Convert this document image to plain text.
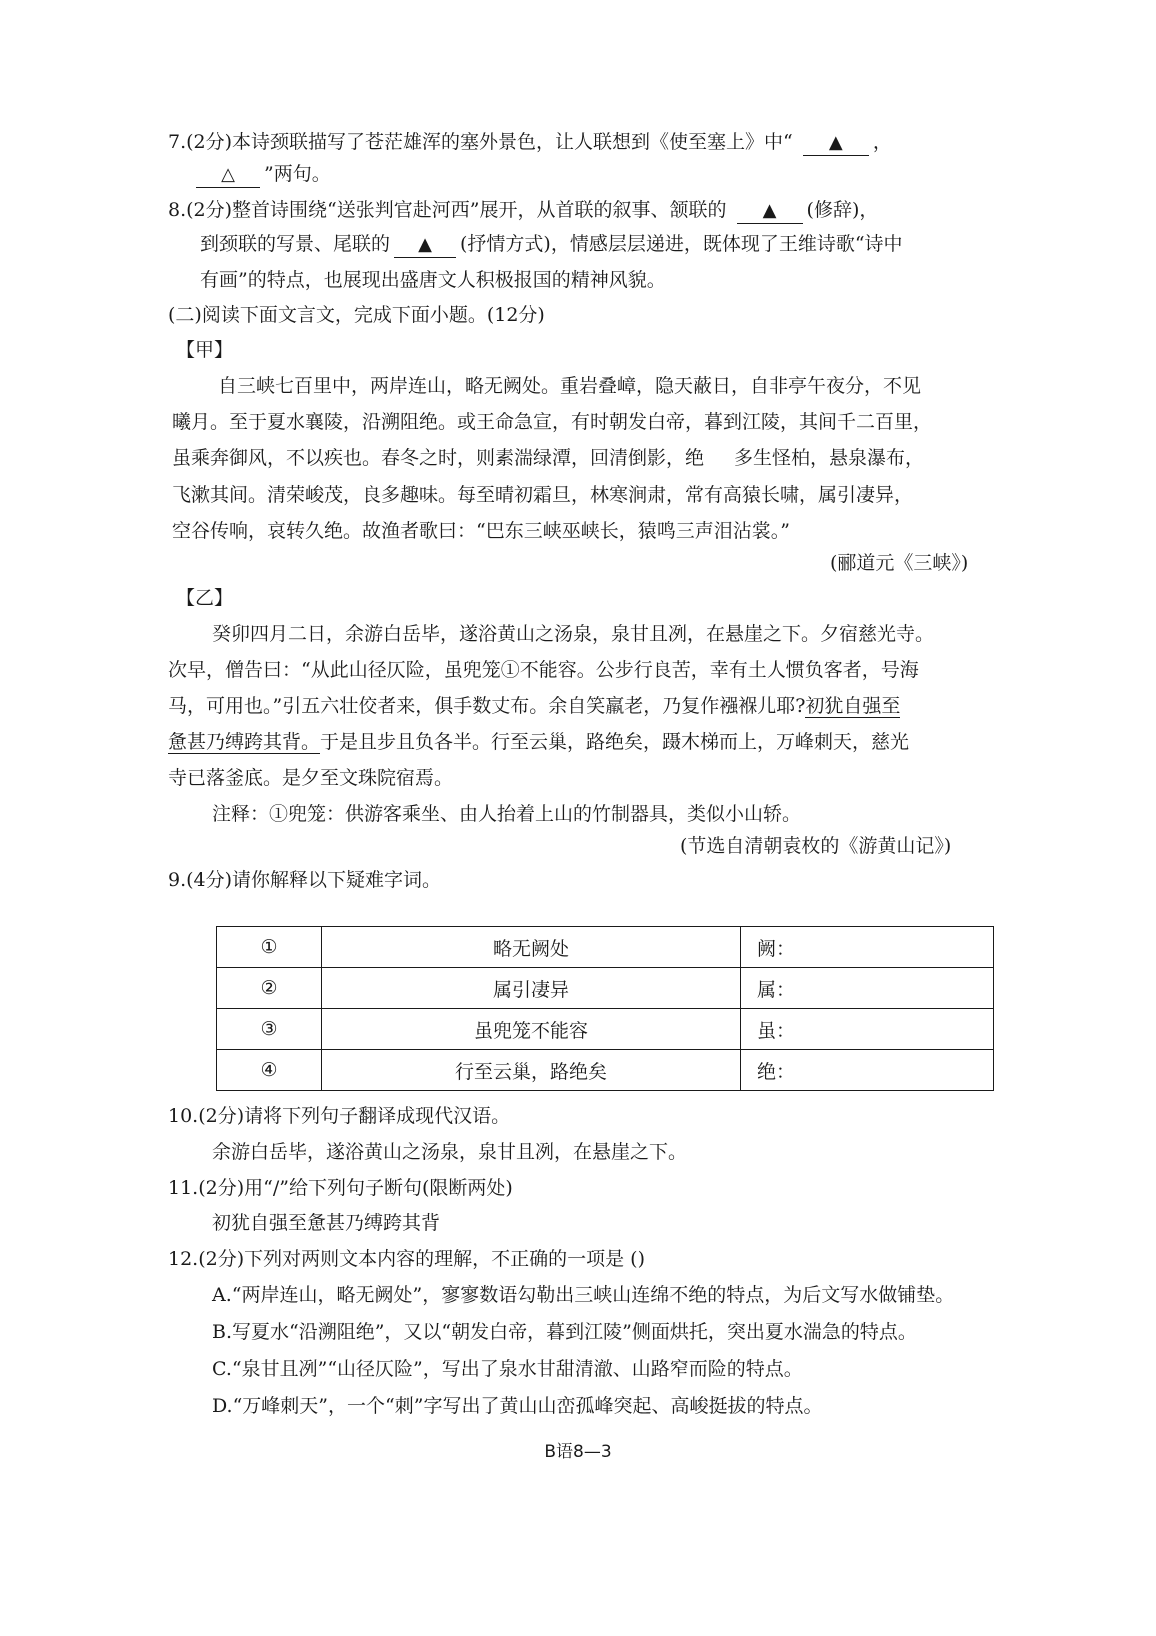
7.(2分)本诗颈联描写了苍茫雄浑的塞外景色，让人联想到《使至塞上》中“ ▲ ，
△ ”两句。
8.(2分)整首诗围绕“送张判官赴河西”展开，从首联的叙事、颔联的 ▲ (修辞)，
到颈联的写景、尾联的 ▲ (抒情方式)，情感层层递进，既体现了王维诗歌“诗中
有画”的特点，也展现出盛唐文人积极报国的精神风貌。
(二)阅读下面文言文，完成下面小题。(12分)
【甲】
自三峡七百里中，两岸连山，略无阙处。重岩叠嶂，隐天蔽日，自非亭午夜分，不见
曦月。至于夏水襄陵，沿溯阻绝。或王命急宣，有时朝发白帝，暮到江陵，其间千二百里，
虽乘奔御风，不以疾也。春冬之时，则素湍绿潭，回清倒影，绝 多生怪柏，悬泉瀑布，
飞漱其间。清荣峻茂，良多趣味。每至晴初霜旦，林寒涧肃，常有高猿长啸，属引凄异，
空谷传响，哀转久绝。故渔者歌曰：“巴东三峡巫峡长，猿鸣三声泪沾裳。”
(郦道元《三峡》)
【乙】
癸卯四月二日，余游白岳毕，遂浴黄山之汤泉，泉甘且冽，在悬崖之下。夕宿慈光寺。
次早，僧告曰：“从此山径仄险，虽兜笼①不能容。公步行良苦，幸有土人惯负客者，号海
马，可用也。”引五六壮佼者来，俱手数丈布。余自笑羸老，乃复作襁褓儿耶?初犹自强至
惫甚乃缚跨其背。于是且步且负各半。行至云巢，路绝矣，蹑木梯而上，万峰刺天，慈光
寺已落釜底。是夕至文珠院宿焉。
注释：①兜笼：供游客乘坐、由人抬着上山的竹制器具，类似小山轿。
(节选自清朝袁枚的《游黄山记》)
9.(4分)请你解释以下疑难字词。
①	略无阙处	阙：
②	属引凄异	属：
③	虽兜笼不能容	虽：
④	行至云巢，路绝矣	绝：
10.(2分)请将下列句子翻译成现代汉语。
余游白岳毕，遂浴黄山之汤泉，泉甘且冽，在悬崖之下。
11.(2分)用“/”给下列句子断句(限断两处)
初犹自强至惫甚乃缚跨其背
12.(2分)下列对两则文本内容的理解，不正确的一项是 ()
A.“两岸连山，略无阙处”，寥寥数语勾勒出三峡山连绵不绝的特点，为后文写水做铺垫。
B.写夏水“沿溯阻绝”，又以“朝发白帝，暮到江陵”侧面烘托，突出夏水湍急的特点。
C.“泉甘且冽”“山径仄险”，写出了泉水甘甜清澈、山路窄而险的特点。
D.“万峰刺天”，一个“刺”字写出了黄山山峦孤峰突起、高峻挺拔的特点。
B语8—3
